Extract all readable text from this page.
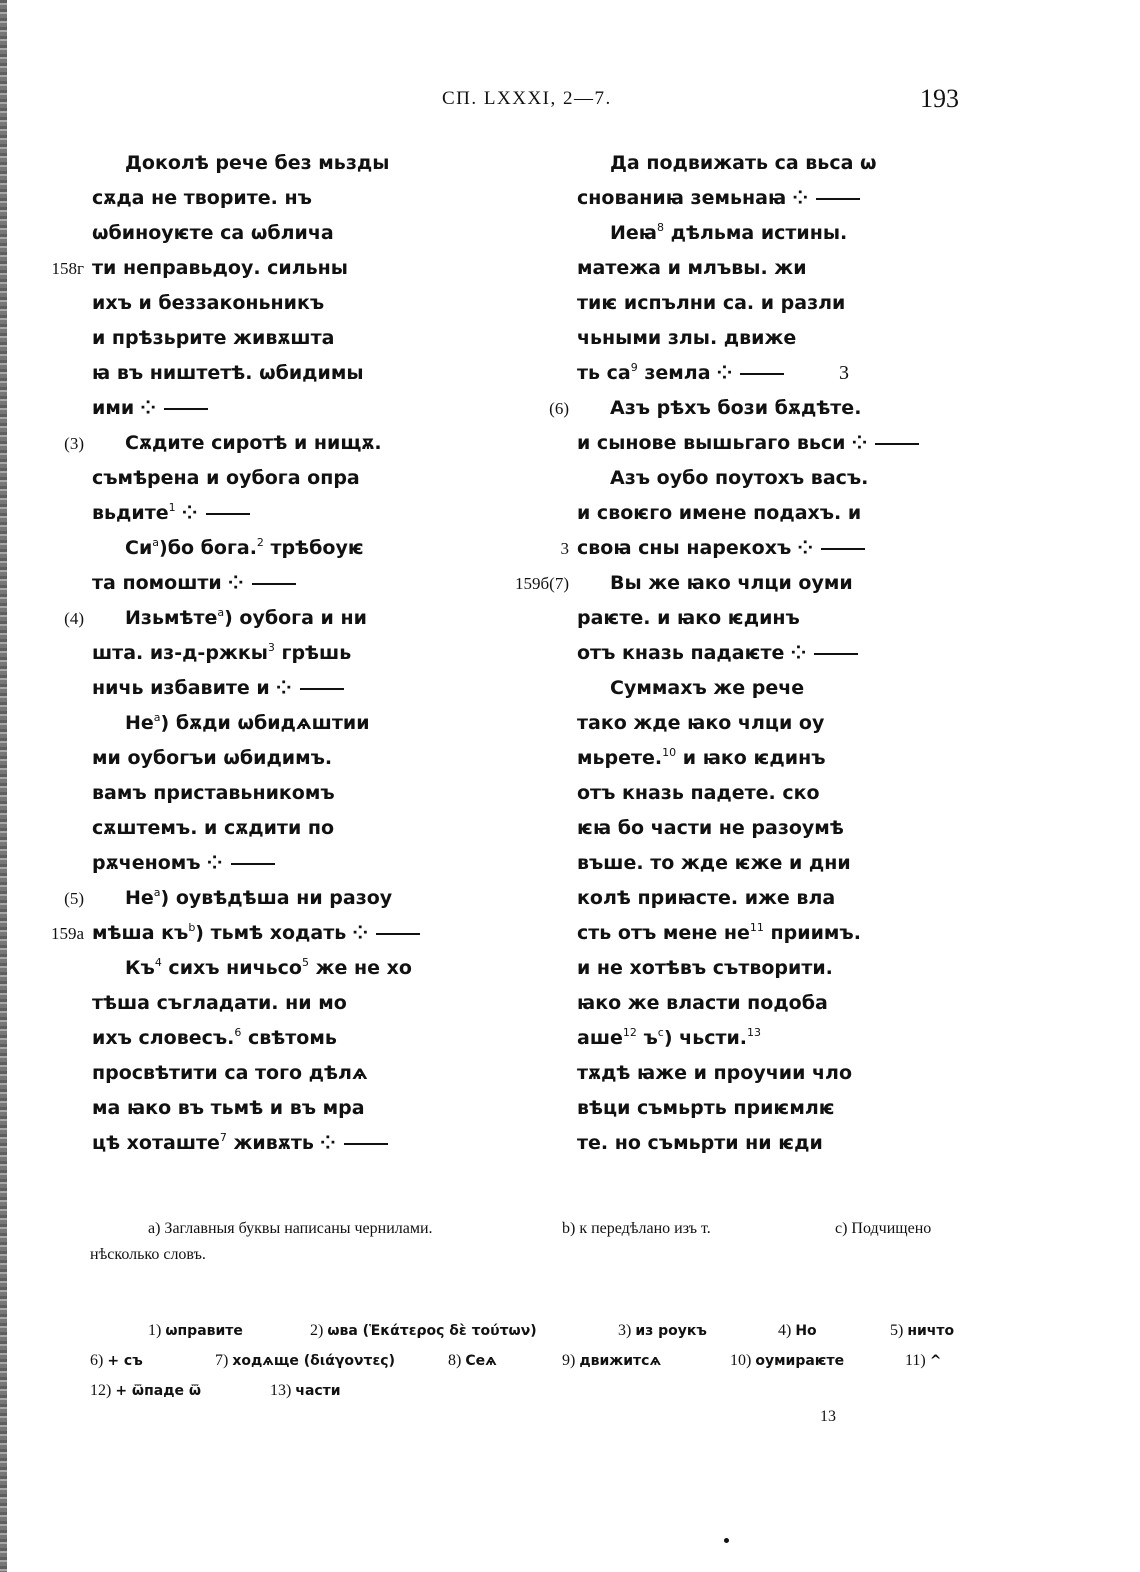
СП. LXXXI, 2—7.	193
Доколѣ рече без мьзды
сѫда не творите. нъ
ѡбиноуѥте са ѡблича
158г ти неправьдоу. сильны
ихъ и беззаконьникъ
и прѣзьрите живѫшта
ꙗ въ ништетѣ. ѡбидимы
ими ⁘
(3) Сѫдите сиротѣ и нищѫ.
съмѣрена и оубога опра
вьдите$^1$ ⁘
$Си^а)бо$ бога.$^2$ трѣбоуѥ
та помошти ⁘
(4) Изьмѣте$^а$) оубога и ни
шта. из-д-ржкы$^3$ грѣшь
ничь избавите и ⁘
$Не^а$) бѫди ѡбидѧштии
ми оубогъи ѡбидимъ.
вамъ приставьникомъ
сѫштемъ. и сѫдити по
рѫченомъ ⁘
(5) $Не^а$) оувѣдѣша ни разоу
159а мѣша $къ^b$) тьмѣ ходать ⁘
$Къ^4$ сихъ ничьсо$^5$ же не хо
тѣша съгладати. ни мо
ихъ словесъ.$^6$ свѣтомь
просвѣтити са того дѣлѧ
ма ꙗко въ тьмѣ и въ мра
цѣ хоташте$^7$ живѫть ⁘
Да подвижать са вьса ѡ
снованиꙗ земьнаꙗ ⁘
Иеꙗ$^8$ дѣльма истины.
матежа и млъвы. жи
тиѥ испълни са. и разли
чьными злы. движе
ть $са^9$ земла ⁘	3
(6) Азъ рѣхъ бози бѫдѣте.
и сынове вышьгаго вьси ⁘
Азъ оубо поутохъ васъ.
и своѥго имене подахъ. и
3 своꙗ сны нарекохъ ⁘
159б(7) Вы же ꙗко члци оуми
раѥте. и ꙗко ѥдинъ
отъ кназь падаѥте ⁘
Суммахъ же рече
тако жде ꙗко члци оу
мьрете.$^{10}$ и ꙗко ѥдинъ
отъ кназь падете. ско
ѥꙗ бо части не разоумѣ
въше. то жде ѥже и дни
колѣ приꙗсте. иже вла
сть отъ мене $не^{11}$ приимъ.
и не хотѣвъ сътворити.
ꙗко же власти подоба
аше$^{12}$ $ъ^с$) чьсти.$^{13}$
тѫдѣ ꙗже и проучии чло
вѣци съмьрть приѥмлѥ
те. но съмьрти ни ѥди
а) Заглавныя буквы написаны чернилами.	b) к передѣлано изъ т.	с) Подчищено
нѣсколько словъ.
1) ѡправите	2) ѡва (Ἑκάτερος δὲ τούτων)	3) из роукъ	4) Но	5) ничто
6) + съ	7) ходѧще (διάγοντες)	8) Сеѧ	9) движитсѧ	10) оумираѥте	11) ^
12) + ѿпаде ѿ	13) части
13
